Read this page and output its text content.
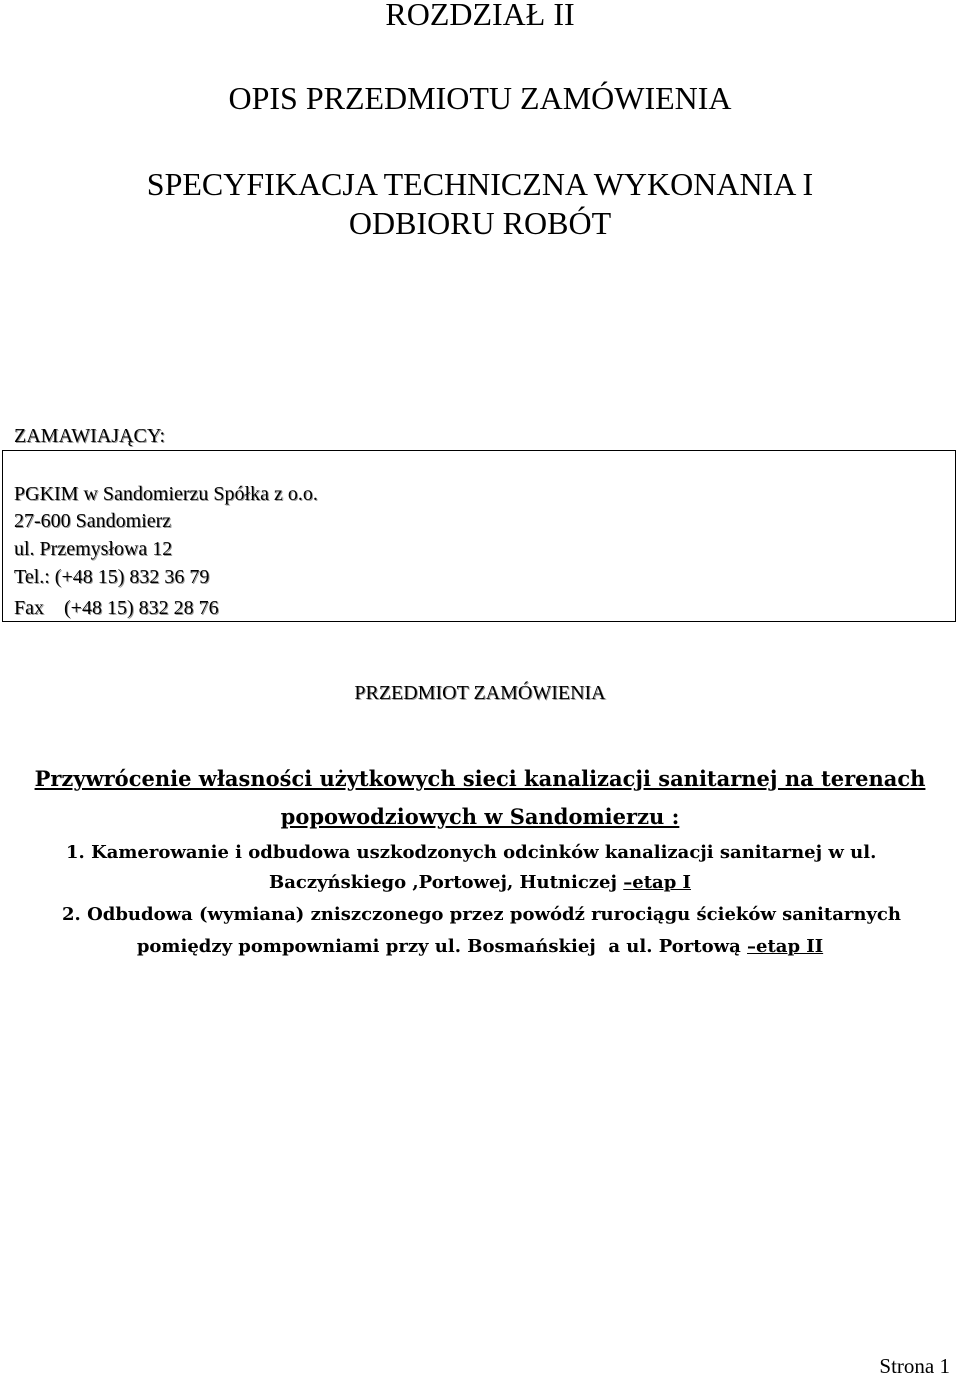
ROZDZIAŁ II
OPIS PRZEDMIOTU ZAMÓWIENIA
SPECYFIKACJA TECHNICZNA WYKONANIA I
ODBIORU ROBÓT
ZAMAWIAJĄCY:
PGKIM w Sandomierzu Spółka z o.o.
27-600 Sandomierz
ul. Przemysłowa 12
Tel.: (+48 15) 832 36 79
Fax    (+48 15) 832 28 76
PRZEDMIOT ZAMÓWIENIA
Przywrócenie własności użytkowych sieci kanalizacji sanitarnej na terenach
popowodziowych w Sandomierzu :
1. Kamerowanie i odbudowa uszkodzonych odcinków kanalizacji sanitarnej w ul.
Baczyńskiego ,Portowej, Hutniczej –etap I
2. Odbudowa (wymiana) zniszczonego przez powódź rurociągu ścieków sanitarnych
pomiędzy pompowniami przy ul. Bosmańskiej  a ul. Portową –etap II
Strona 1
